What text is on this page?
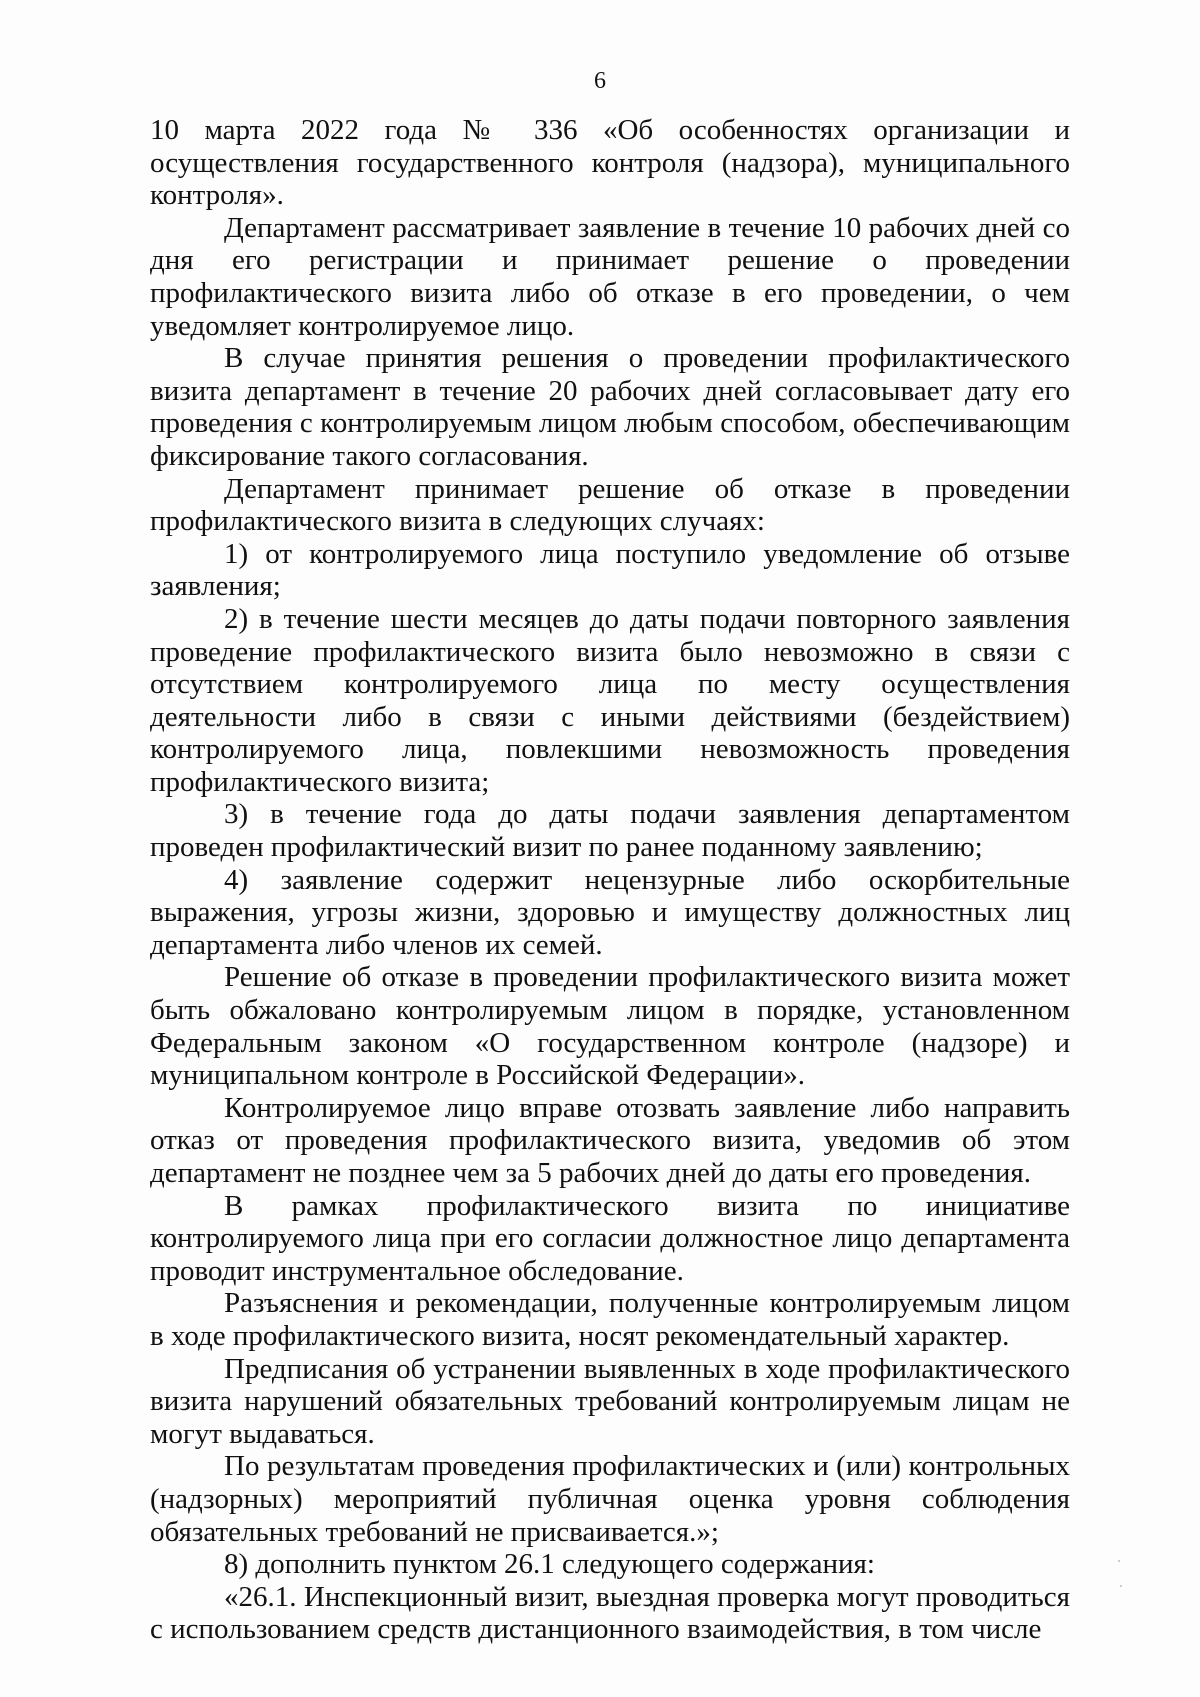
6

10 марта 2022 года № 336 «Об особенностях организации и осуществления государственного контроля (надзора), муниципального контроля».

Департамент рассматривает заявление в течение 10 рабочих дней со дня его регистрации и принимает решение о проведении профилактического визита либо об отказе в его проведении, о чем уведомляет контролируемое лицо.

В случае принятия решения о проведении профилактического визита департамент в течение 20 рабочих дней согласовывает дату его проведения с контролируемым лицом любым способом, обеспечивающим фиксирование такого согласования.

Департамент принимает решение об отказе в проведении профилактического визита в следующих случаях:

1) от контролируемого лица поступило уведомление об отзыве заявления;

2) в течение шести месяцев до даты подачи повторного заявления проведение профилактического визита было невозможно в связи с отсутствием контролируемого лица по месту осуществления деятельности либо в связи с иными действиями (бездействием) контролируемого лица, повлекшими невозможность проведения профилактического визита;

3) в течение года до даты подачи заявления департаментом проведен профилактический визит по ранее поданному заявлению;

4) заявление содержит нецензурные либо оскорбительные выражения, угрозы жизни, здоровью и имуществу должностных лиц департамента либо членов их семей.

Решение об отказе в проведении профилактического визита может быть обжаловано контролируемым лицом в порядке, установленном Федеральным законом «О государственном контроле (надзоре) и муниципальном контроле в Российской Федерации».

Контролируемое лицо вправе отозвать заявление либо направить отказ от проведения профилактического визита, уведомив об этом департамент не позднее чем за 5 рабочих дней до даты его проведения.

В рамках профилактического визита по инициативе контролируемого лица при его согласии должностное лицо департамента проводит инструментальное обследование.

Разъяснения и рекомендации, полученные контролируемым лицом в ходе профилактического визита, носят рекомендательный характер.

Предписания об устранении выявленных в ходе профилактического визита нарушений обязательных требований контролируемым лицам не могут выдаваться.

По результатам проведения профилактических и (или) контрольных (надзорных) мероприятий публичная оценка уровня соблюдения обязательных требований не присваивается.»;

8) дополнить пунктом 26.1 следующего содержания:

«26.1. Инспекционный визит, выездная проверка могут проводиться с использованием средств дистанционного взаимодействия, в том числе
